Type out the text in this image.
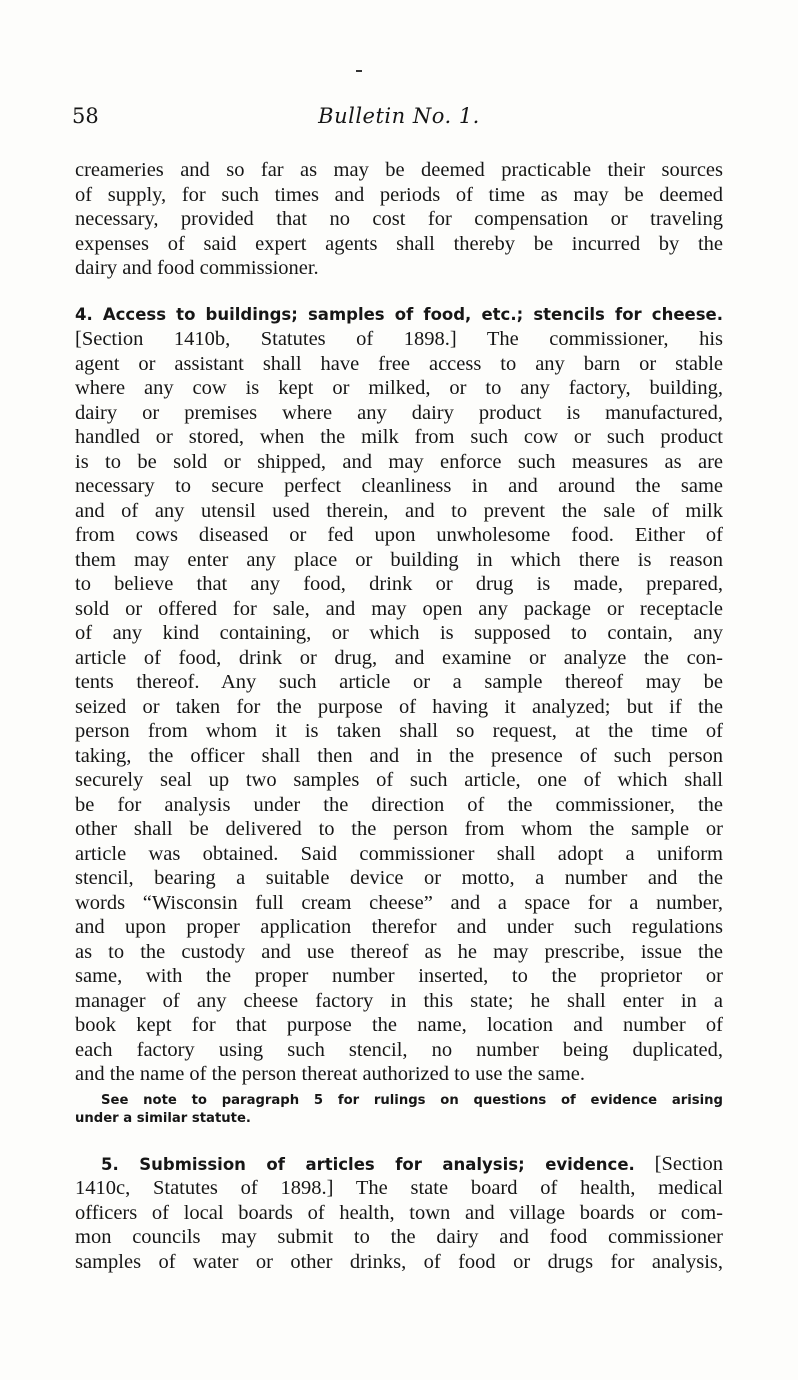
58	Bulletin No. 1.
creameries and so far as may be deemed practicable their sources
of supply, for such times and periods of time as may be deemed
necessary, provided that no cost for compensation or traveling
expenses of said expert agents shall thereby be incurred by the
dairy and food commissioner.
4. Access to buildings; samples of food, etc.; stencils for cheese.
[Section 1410b, Statutes of 1898.] The commissioner, his
agent or assistant shall have free access to any barn or stable
where any cow is kept or milked, or to any factory, building,
dairy or premises where any dairy product is manufactured,
handled or stored, when the milk from such cow or such product
is to be sold or shipped, and may enforce such measures as are
necessary to secure perfect cleanliness in and around the same
and of any utensil used therein, and to prevent the sale of milk
from cows diseased or fed upon unwholesome food. Either of
them may enter any place or building in which there is reason
to believe that any food, drink or drug is made, prepared,
sold or offered for sale, and may open any package or receptacle
of any kind containing, or which is supposed to contain, any
article of food, drink or drug, and examine or analyze the con-
tents thereof. Any such article or a sample thereof may be
seized or taken for the purpose of having it analyzed; but if the
person from whom it is taken shall so request, at the time of
taking, the officer shall then and in the presence of such person
securely seal up two samples of such article, one of which shall
be for analysis under the direction of the commissioner, the
other shall be delivered to the person from whom the sample or
article was obtained. Said commissioner shall adopt a uniform
stencil, bearing a suitable device or motto, a number and the
words “Wisconsin full cream cheese” and a space for a number,
and upon proper application therefor and under such regulations
as to the custody and use thereof as he may prescribe, issue the
same, with the proper number inserted, to the proprietor or
manager of any cheese factory in this state; he shall enter in a
book kept for that purpose the name, location and number of
each factory using such stencil, no number being duplicated,
and the name of the person thereat authorized to use the same.
See note to paragraph 5 for rulings on questions of evidence arising
under a similar statute.
5. Submission of articles for analysis; evidence. [Section
1410c, Statutes of 1898.] The state board of health, medical
officers of local boards of health, town and village boards or com-
mon councils may submit to the dairy and food commissioner
samples of water or other drinks, of food or drugs for analysis,
